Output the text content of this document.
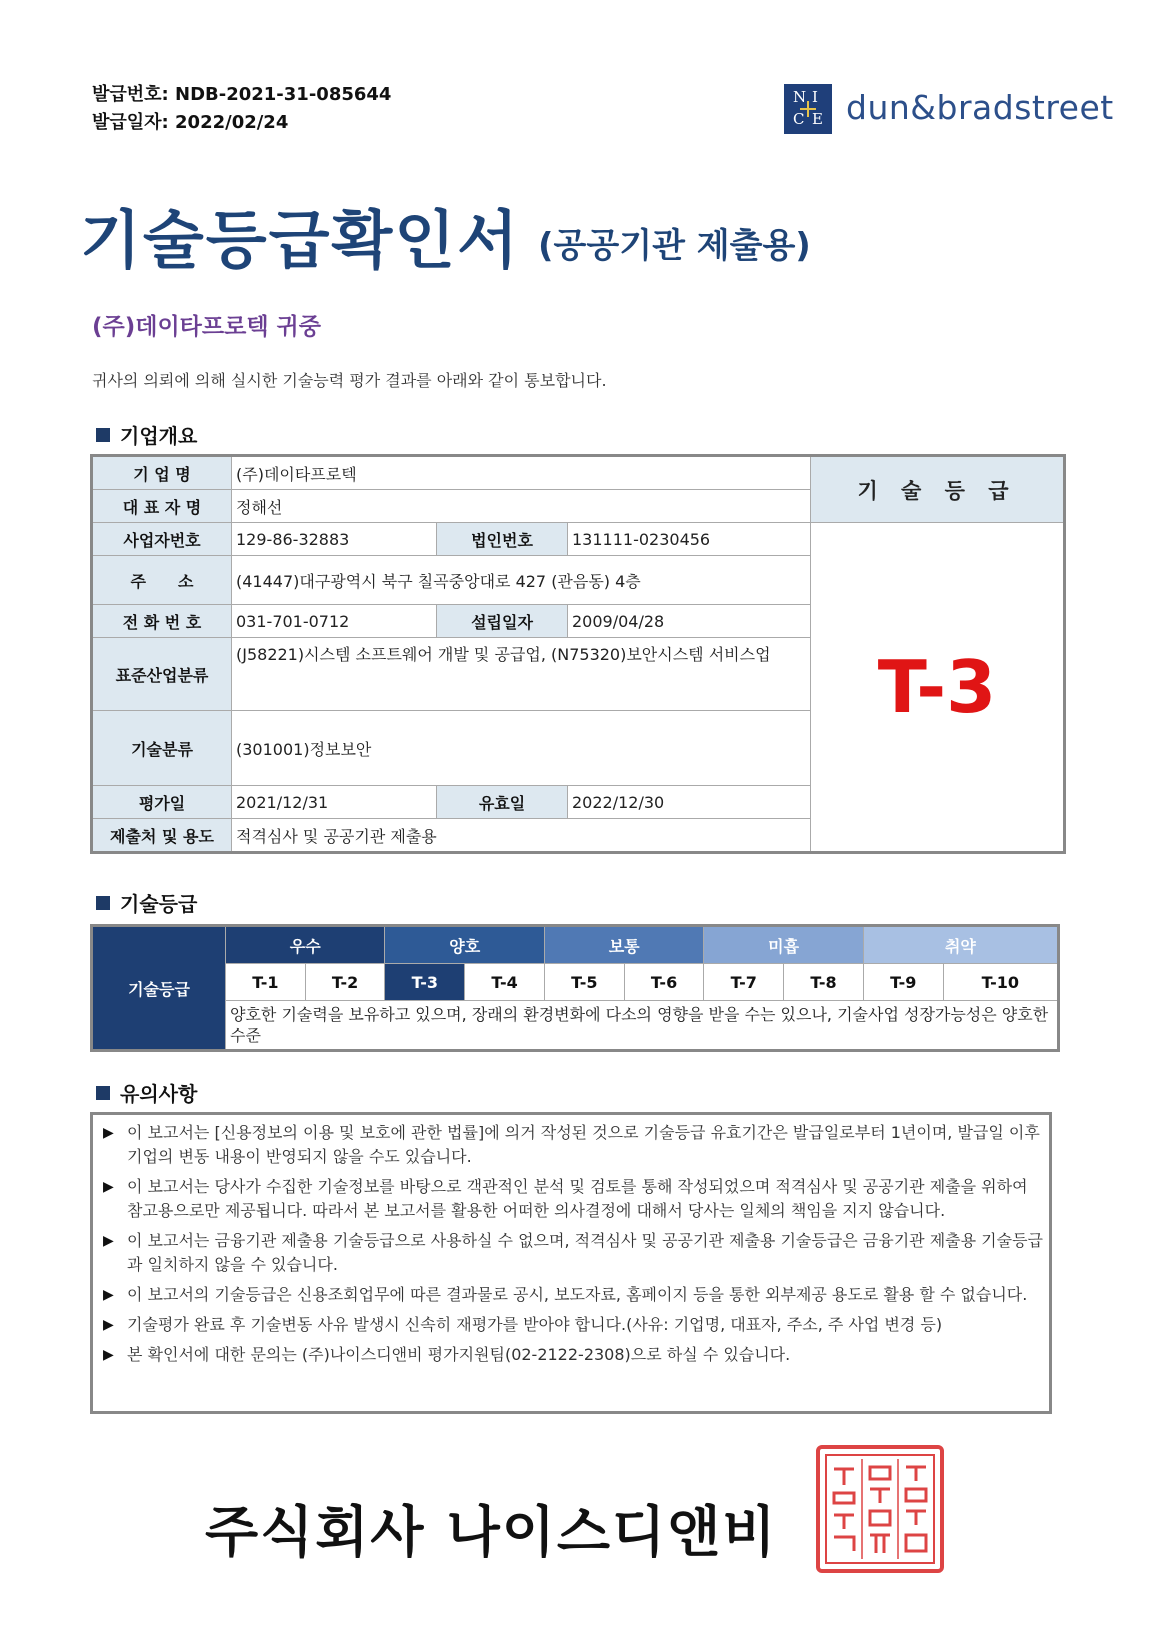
발급번호: NDB-2021-31-085644
발급일자: 2022/02/24
N I
C E dun&bradstreet
기술등급확인서 (공공기관 제출용)
(주)데이타프로텍 귀중
귀사의 의뢰에 의해 실시한 기술능력 평가 결과를 아래와 같이 통보합니다.
기업개요
기 업 명	(주)데이타프로텍			기 술 등 급
대 표 자 명	정해선			
사업자번호	129-86-32883	법인번호	131111-0230456	T-3
주　　소	(41447)대구광역시 북구 칠곡중앙대로 427 (관음동) 4층			
전 화 번 호	031-701-0712	설립일자	2009/04/28	
표준산업분류	(J58221)시스템 소프트웨어 개발 및 공급업, (N75320)보안시스템 서비스업			
기술분류	(301001)정보보안			
평가일	2021/12/31	유효일	2022/12/30	
제출처 및 용도	적격심사 및 공공기관 제출용			
기술등급
기술등급	우수		양호		보통		미흡		취약	
	T-1	T-2	T-3	T-4	T-5	T-6	T-7	T-8	T-9	T-10
	양호한 기술력을 보유하고 있으며, 장래의 환경변화에 다소의 영향을 받을 수는 있으나, 기술사업 성장가능성은 양호한 수준									
유의사항
▶ 이 보고서는 [신용정보의 이용 및 보호에 관한 법률]에 의거 작성된 것으로 기술등급 유효기간은 발급일로부터 1년이며, 발급일 이후 기업의 변동 내용이 반영되지 않을 수도 있습니다.
▶ 이 보고서는 당사가 수집한 기술정보를 바탕으로 객관적인 분석 및 검토를 통해 작성되었으며 적격심사 및 공공기관 제출을 위하여 참고용으로만 제공됩니다. 따라서 본 보고서를 활용한 어떠한 의사결정에 대해서 당사는 일체의 책임을 지지 않습니다.
▶ 이 보고서는 금융기관 제출용 기술등급으로 사용하실 수 없으며, 적격심사 및 공공기관 제출용 기술등급은 금융기관 제출용 기술등급과 일치하지 않을 수 있습니다.
▶ 이 보고서의 기술등급은 신용조회업무에 따른 결과물로 공시, 보도자료, 홈페이지 등을 통한 외부제공 용도로 활용 할 수 없습니다.
▶ 기술평가 완료 후 기술변동 사유 발생시 신속히 재평가를 받아야 합니다.(사유: 기업명, 대표자, 주소, 주 사업 변경 등)
▶ 본 확인서에 대한 문의는 (주)나이스디앤비 평가지원팀(02-2122-2308)으로 하실 수 있습니다.
주식회사 나이스디앤비
